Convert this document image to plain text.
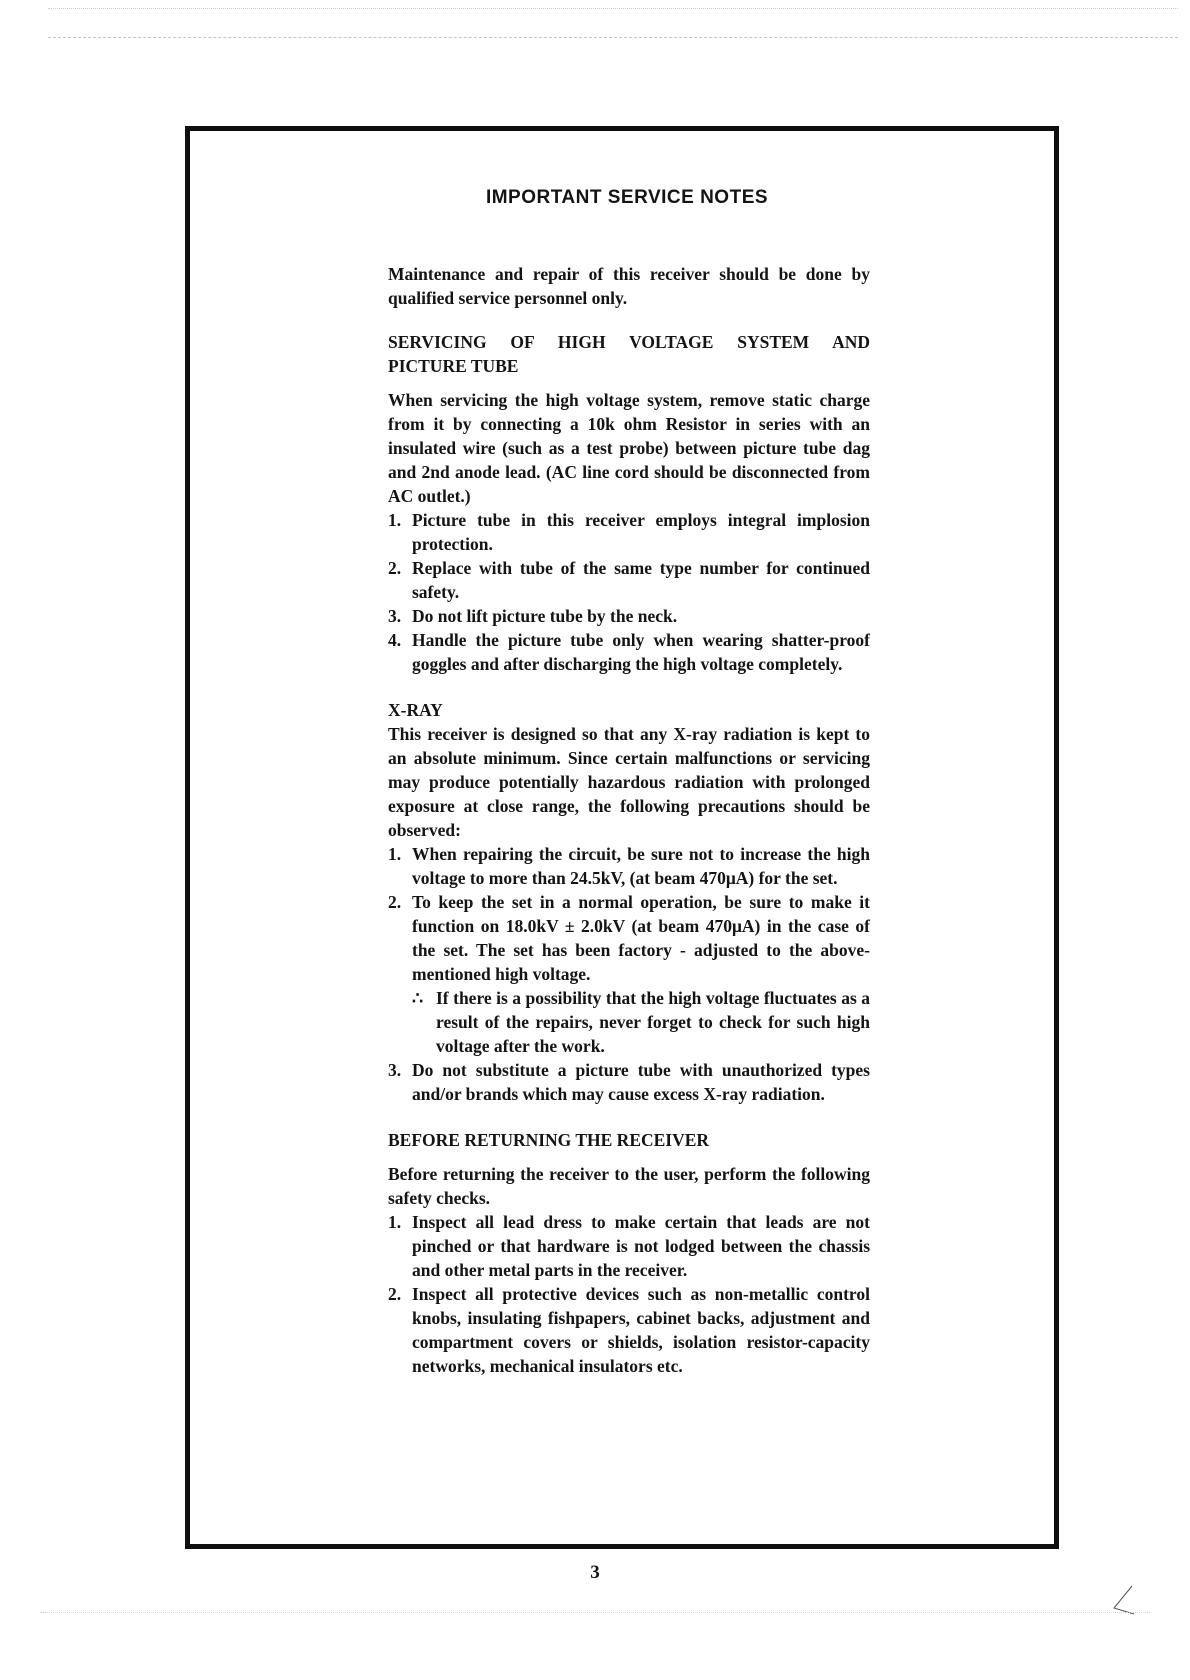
IMPORTANT SERVICE NOTES

Maintenance and repair of this receiver should be done by qualified service personnel only.

SERVICING OF HIGH VOLTAGE SYSTEM AND
PICTURE TUBE

When servicing the high voltage system, remove static charge from it by connecting a 10k ohm Resistor in series with an insulated wire (such as a test probe) between picture tube dag and 2nd anode lead. (AC line cord should be disconnected from AC outlet.)

1. Picture tube in this receiver employs integral implosion protection.
2. Replace with tube of the same type number for continued safety.
3. Do not lift picture tube by the neck.
4. Handle the picture tube only when wearing shatter-proof goggles and after discharging the high voltage completely.
X-RAY

This receiver is designed so that any X-ray radiation is kept to an absolute minimum. Since certain malfunctions or servicing may produce potentially hazardous radiation with prolonged exposure at close range, the following precautions should be observed:

1. When repairing the circuit, be sure not to increase the high voltage to more than 24.5kV, (at beam 470μA) for the set.
2. To keep the set in a normal operation, be sure to make it function on 18.0kV ± 2.0kV (at beam 470μA) in the case of the set. The set has been factory - adjusted to the above-mentioned high voltage.
∴ If there is a possibility that the high voltage fluctuates as a result of the repairs, never forget to check for such high voltage after the work.
3. Do not substitute a picture tube with unauthorized types and/or brands which may cause excess X-ray radiation.
BEFORE RETURNING THE RECEIVER

Before returning the receiver to the user, perform the following safety checks.

1. Inspect all lead dress to make certain that leads are not pinched or that hardware is not lodged between the chassis and other metal parts in the receiver.
2. Inspect all protective devices such as non-metallic control knobs, insulating fishpapers, cabinet backs, adjustment and compartment covers or shields, isolation resistor-capacity networks, mechanical insulators etc.
3
